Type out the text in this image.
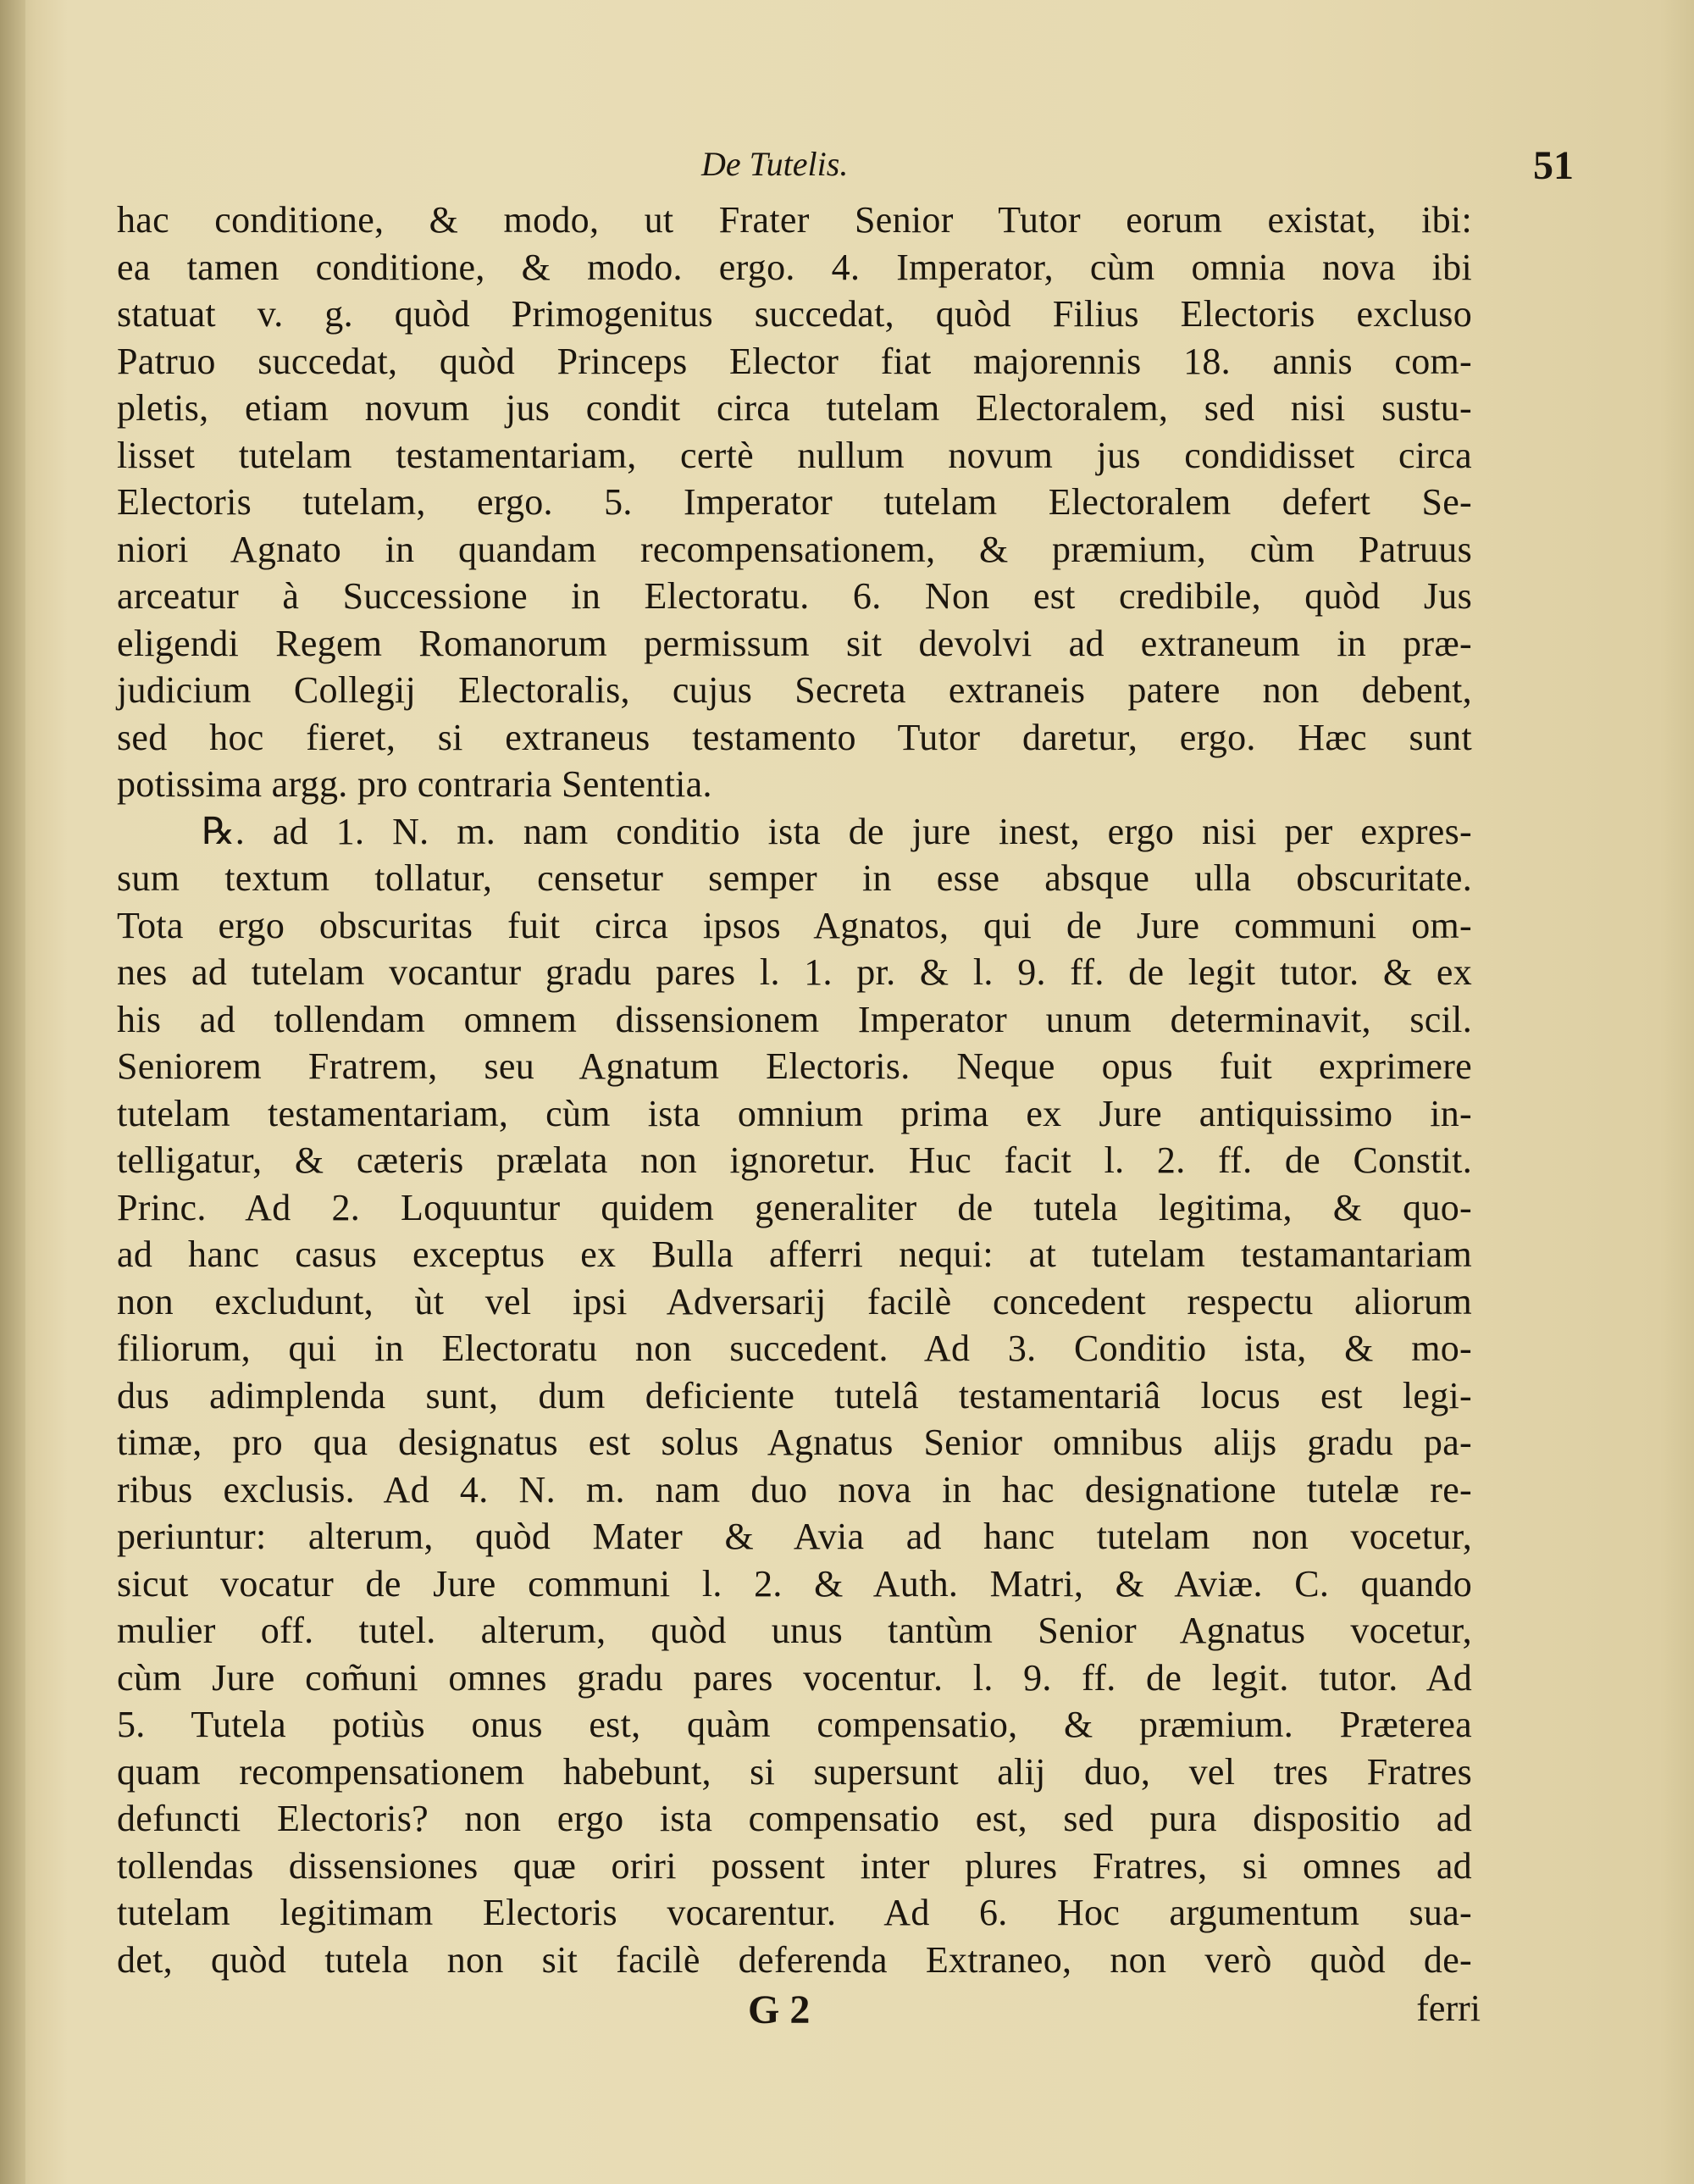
De Tutelis.	51
hac conditione, & modo, ut Frater Senior Tutor eorum existat, ibi:
ea tamen conditione, & modo. ergo. 4. Imperator, cùm omnia nova ibi
statuat v. g. quòd Primogenitus succedat, quòd Filius Electoris excluso
Patruo succedat, quòd Princeps Elector fiat majorennis 18. annis com-
pletis, etiam novum jus condit circa tutelam Electoralem, sed nisi sustu-
lisset tutelam testamentariam, certè nullum novum jus condidisset circa
Electoris tutelam, ergo. 5. Imperator tutelam Electoralem defert Se-
niori Agnato in quandam recompensationem, & præmium, cùm Patruus
arceatur à Successione in Electoratu. 6. Non est credibile, quòd Jus
eligendi Regem Romanorum permissum sit devolvi ad extraneum in præ-
judicium Collegij Electoralis, cujus Secreta extraneis patere non debent,
sed hoc fieret, si extraneus testamento Tutor daretur, ergo. Hæc sunt
potissima argg. pro contraria Sententia.
℞. ad 1. N. m. nam conditio ista de jure inest, ergo nisi per expres-
sum textum tollatur, censetur semper in esse absque ulla obscuritate.
Tota ergo obscuritas fuit circa ipsos Agnatos, qui de Jure communi om-
nes ad tutelam vocantur gradu pares l. 1. pr. & l. 9. ff. de legit tutor. & ex
his ad tollendam omnem dissensionem Imperator unum determinavit, scil.
Seniorem Fratrem, seu Agnatum Electoris. Neque opus fuit exprimere
tutelam testamentariam, cùm ista omnium prima ex Jure antiquissimo in-
telligatur, & cæteris prælata non ignoretur. Huc facit l. 2. ff. de Constit.
Princ. Ad 2. Loquuntur quidem generaliter de tutela legitima, & quo-
ad hanc casus exceptus ex Bulla afferri nequi: at tutelam testamantariam
non excludunt, ùt vel ipsi Adversarij facilè concedent respectu aliorum
filiorum, qui in Electoratu non succedent. Ad 3. Conditio ista, & mo-
dus adimplenda sunt, dum deficiente tutelâ testamentariâ locus est legi-
timæ, pro qua designatus est solus Agnatus Senior omnibus alijs gradu pa-
ribus exclusis. Ad 4. N. m. nam duo nova in hac designatione tutelæ re-
periuntur: alterum, quòd Mater & Avia ad hanc tutelam non vocetur,
sicut vocatur de Jure communi l. 2. & Auth. Matri, & Aviæ. C. quando
mulier off. tutel. alterum, quòd unus tantùm Senior Agnatus vocetur,
cùm Jure com̃uni omnes gradu pares vocentur. l. 9. ff. de legit. tutor. Ad
5. Tutela potiùs onus est, quàm compensatio, & præmium. Præterea
quam recompensationem habebunt, si supersunt alij duo, vel tres Fratres
defuncti Electoris? non ergo ista compensatio est, sed pura dispositio ad
tollendas dissensiones quæ oriri possent inter plures Fratres, si omnes ad
tutelam legitimam Electoris vocarentur. Ad 6. Hoc argumentum sua-
det, quòd tutela non sit facilè deferenda Extraneo, non verò quòd de-
G 2	ferri
